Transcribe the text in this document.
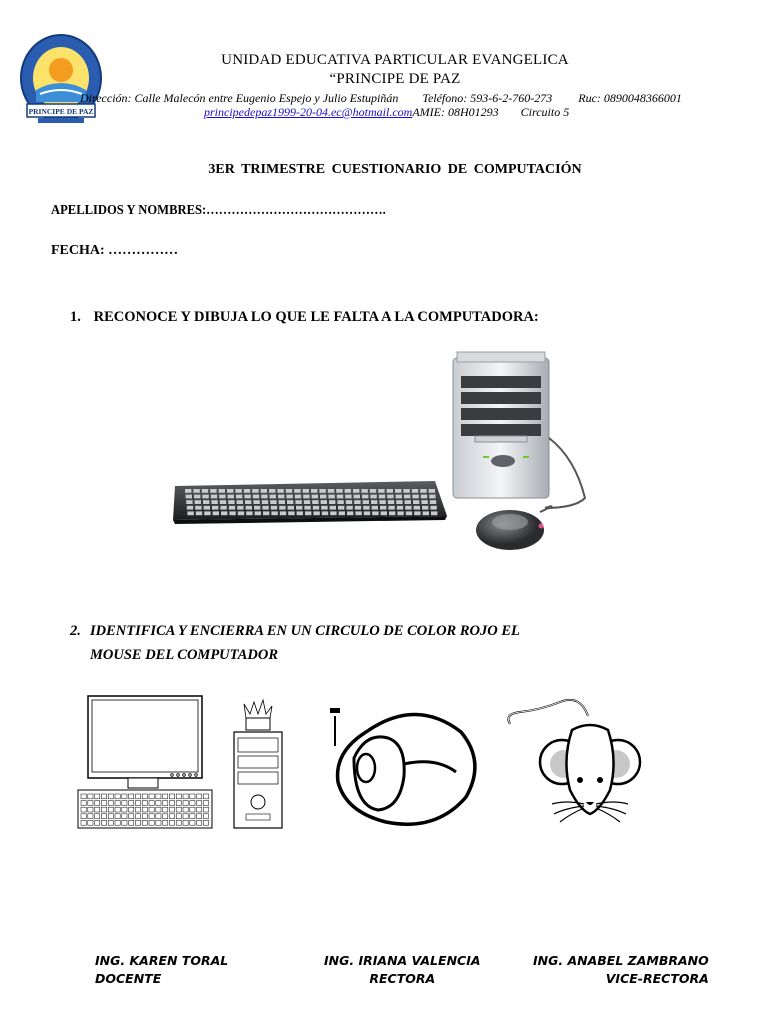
PRINCIPE DE PAZ
UNIDAD EDUCATIVA PARTICULAR EVANGELICA
“PRINCIPE DE PAZ
Dirección: Calle Malecón entre Eugenio Espejo y Julio Estupiñán Teléfono: 593-6-2-760-273 Ruc: 0890048366001
principedepaz1999-20-04.ec@hotmail.comAMIE: 08H01293 Circuito 5
3ER TRIMESTRE CUESTIONARIO DE COMPUTACIÓN
APELLIDOS Y NOMBRES:…………………………………….
FECHA: ……………
1. RECONOCE Y DIBUJA LO QUE LE FALTA A LA COMPUTADORA:
2. IDENTIFICA Y ENCIERRA EN UN CIRCULO DE COLOR ROJO EL
MOUSE DEL COMPUTADOR
ING. KAREN TORAL
DOCENTE
ING. IRIANA VALENCIA
RECTORA
ING. ANABEL ZAMBRANO
VICE-RECTORA
